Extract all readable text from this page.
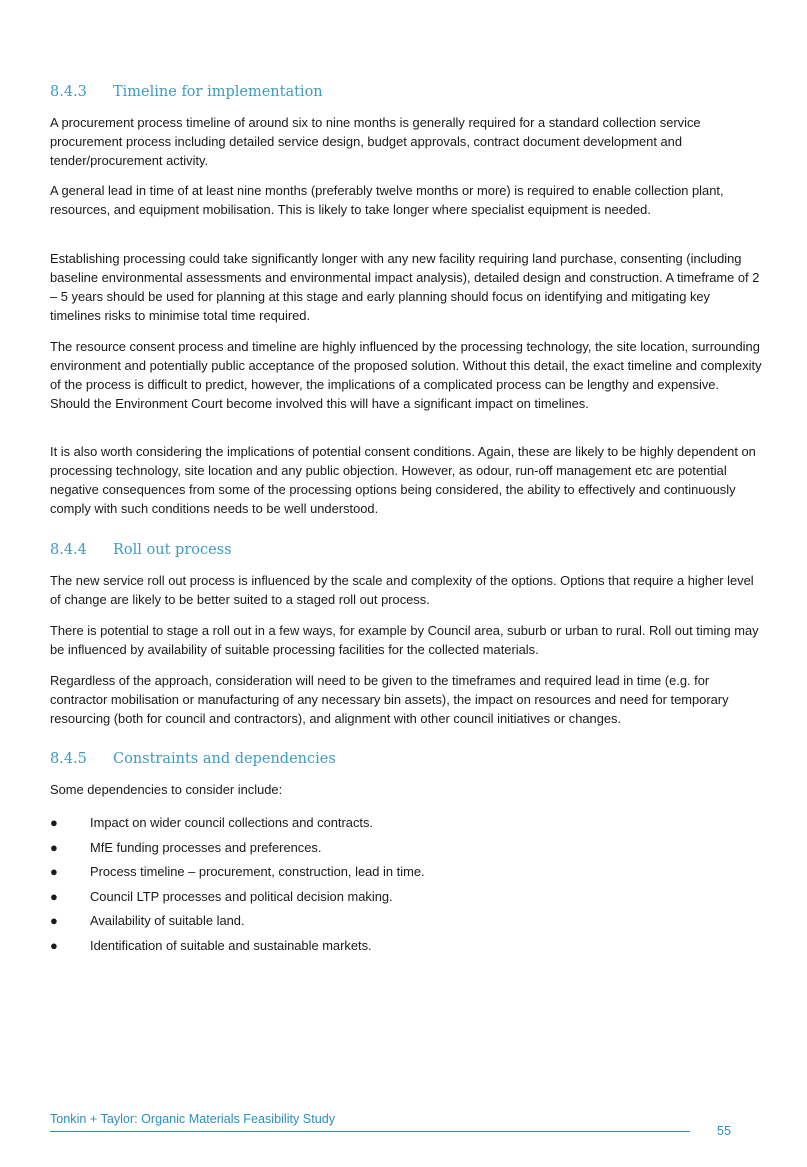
8.4.3	Timeline for implementation

A procurement process timeline of around six to nine months is generally required for a standard collection service procurement process including detailed service design, budget approvals, contract document development and tender/procurement activity.

A general lead in time of at least nine months (preferably twelve months or more) is required to enable collection plant, resources, and equipment mobilisation. This is likely to take longer where specialist equipment is needed.

Establishing processing could take significantly longer with any new facility requiring land purchase, consenting (including baseline environmental assessments and environmental impact analysis), detailed design and construction. A timeframe of 2 – 5 years should be used for planning at this stage and early planning should focus on identifying and mitigating key timelines risks to minimise total time required.

The resource consent process and timeline are highly influenced by the processing technology, the site location, surrounding environment and potentially public acceptance of the proposed solution. Without this detail, the exact timeline and complexity of the process is difficult to predict, however, the implications of a complicated process can be lengthy and expensive. Should the Environment Court become involved this will have a significant impact on timelines.

It is also worth considering the implications of potential consent conditions. Again, these are likely to be highly dependent on processing technology, site location and any public objection. However, as odour, run-off management etc are potential negative consequences from some of the processing options being considered, the ability to effectively and continuously comply with such conditions needs to be well understood.

8.4.4	Roll out process

The new service roll out process is influenced by the scale and complexity of the options. Options that require a higher level of change are likely to be better suited to a staged roll out process.

There is potential to stage a roll out in a few ways, for example by Council area, suburb or urban to rural. Roll out timing may be influenced by availability of suitable processing facilities for the collected materials.

Regardless of the approach, consideration will need to be given to the timeframes and required lead in time (e.g. for contractor mobilisation or manufacturing of any necessary bin assets), the impact on resources and need for temporary resourcing (both for council and contractors), and alignment with other council initiatives or changes.

8.4.5	Constraints and dependencies

Some dependencies to consider include:

●	Impact on wider council collections and contracts.
●	MfE funding processes and preferences.
●	Process timeline – procurement, construction, lead in time.
●	Council LTP processes and political decision making.
●	Availability of suitable land.
●	Identification of suitable and sustainable markets.
Tonkin + Taylor: Organic Materials Feasibility Study
55
